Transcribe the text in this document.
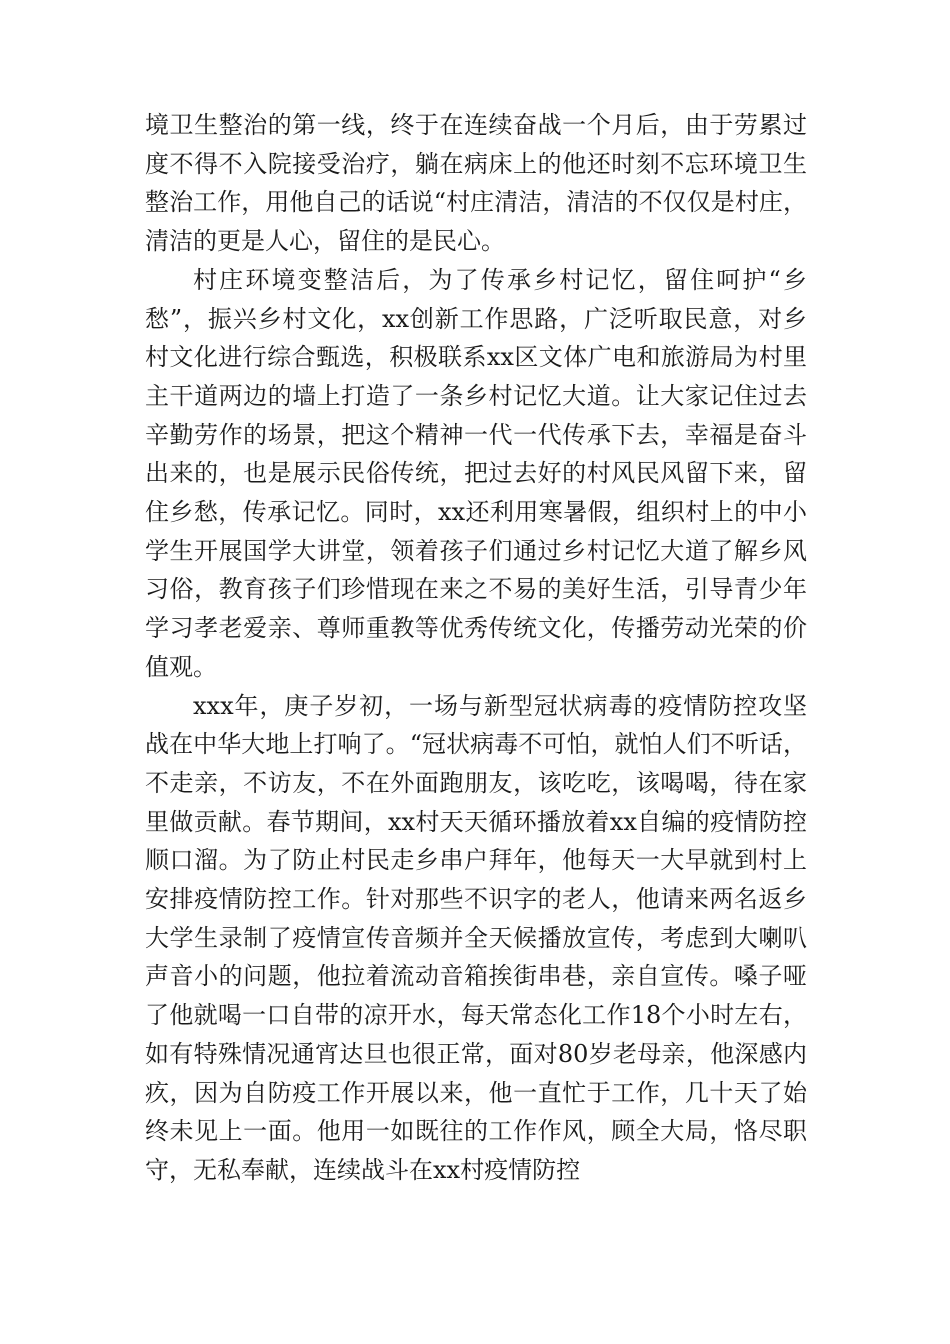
境卫生整治的第一线，终于在连续奋战一个月后，由于劳累过度不得不入院接受治疗，躺在病床上的他还时刻不忘环境卫生整治工作，用他自己的话说“村庄清洁，清洁的不仅仅是村庄，清洁的更是人心，留住的是民心。

村庄环境变整洁后，为了传承乡村记忆，留住呵护“乡愁”，振兴乡村文化，xx创新工作思路，广泛听取民意，对乡村文化进行综合甄选，积极联系xx区文体广电和旅游局为村里主干道两边的墙上打造了一条乡村记忆大道。让大家记住过去辛勤劳作的场景，把这个精神一代一代传承下去，幸福是奋斗出来的，也是展示民俗传统，把过去好的村风民风留下来，留住乡愁，传承记忆。同时，xx还利用寒暑假，组织村上的中小学生开展国学大讲堂，领着孩子们通过乡村记忆大道了解乡风习俗，教育孩子们珍惜现在来之不易的美好生活，引导青少年学习孝老爱亲、尊师重教等优秀传统文化，传播劳动光荣的价值观。

xxx年，庚子岁初，一场与新型冠状病毒的疫情防控攻坚战在中华大地上打响了。“冠状病毒不可怕，就怕人们不听话，不走亲，不访友，不在外面跑朋友，该吃吃，该喝喝，待在家里做贡献。春节期间，xx村天天循环播放着xx自编的疫情防控顺口溜。为了防止村民走乡串户拜年，他每天一大早就到村上安排疫情防控工作。针对那些不识字的老人，他请来两名返乡大学生录制了疫情宣传音频并全天候播放宣传，考虑到大喇叭声音小的问题，他拉着流动音箱挨街串巷，亲自宣传。嗓子哑了他就喝一口自带的凉开水，每天常态化工作18个小时左右，如有特殊情况通宵达旦也很正常，面对80岁老母亲，他深感内疚，因为自防疫工作开展以来，他一直忙于工作，几十天了始终未见上一面。他用一如既往的工作作风，顾全大局，恪尽职守，无私奉献，连续战斗在xx村疫情防控
